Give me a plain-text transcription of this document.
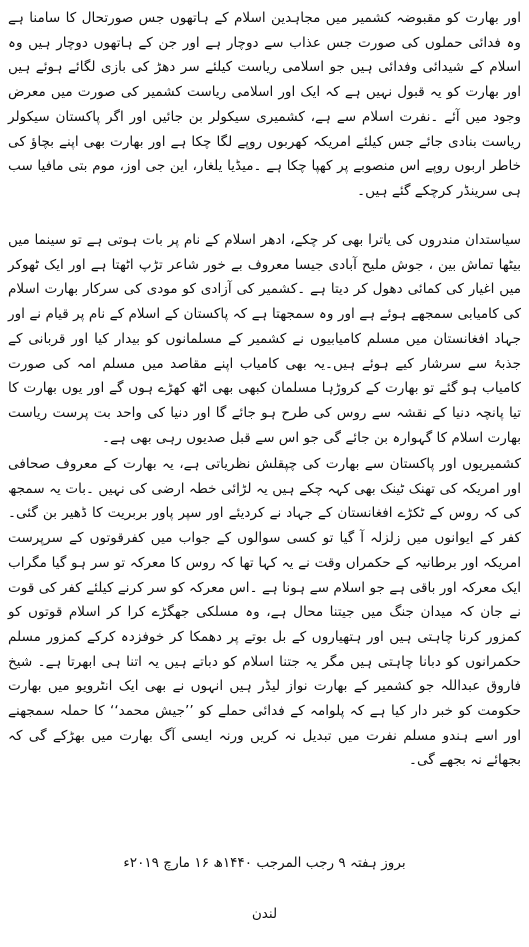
اور بھارت کو مقبوضہ کشمیر میں مجاہدین اسلام کے ہاتھوں جس صورتحال کا سامنا ہے وہ فدائی حملوں کی صورت جس عذاب سے دوچار ہے اور جن کے ہاتھوں دوچار ہیں وہ اسلام کے شیدائی وفدائی ہیں جو اسلامی ریاست کیلئے سر دھڑ کی بازی لگائے ہوئے ہیں اور بھارت کو یہ قبول نہیں ہے کہ ایک اور اسلامی ریاست کشمیر کی صورت میں معرض وجود میں آئے ۔نفرت اسلام سے ہے، کشمیری سیکولر بن جائیں اور اگر پاکستان سیکولر ریاست بنادی جائے جس کیلئے امریکہ کھربوں روپے لگا چکا ہے اور بھارت بھی اپنے بچاؤ کی خاطر اربوں روپے اس منصوبے پر کھپا چکا ہے ۔میڈیا یلغار، این جی اوز، موم بتی مافیا سب ہی سرینڈر کرچکے گئے ہیں۔

سیاستدان مندروں کی یاترا بھی کر چکے، ادھر اسلام کے نام پر بات ہوتی ہے تو سینما میں بیٹھا تماش بین ، جوش ملیح آبادی جیسا معروف بے خور شاعر تڑپ اٹھتا ہے اور ایک ٹھوکر میں اغیار کی کمائی دھول کر دیتا ہے ۔کشمیر کی آزادی کو مودی کی سرکار بھارت اسلام کی کامیابی سمجھے ہوئے ہے اور وہ سمجھتا ہے کہ پاکستان کے اسلام کے نام پر قیام نے اور جہاد افغانستان میں مسلم کامیابیوں نے کشمیر کے مسلمانوں کو بیدار کیا اور قربانی کے جذبۂ سے سرشار کیے ہوئے ہیں۔یہ بھی کامیاب اپنے مقاصد میں مسلم امہ کی صورت کامیاب ہو گئے تو بھارت کے کروڑہا مسلمان کبھی بھی اٹھ کھڑے ہوں گے اور یوں بھارت کا تیا پانچہ دنیا کے نقشہ سے روس کی طرح ہو جائے گا اور دنیا کی واحد بت پرست ریاست بھارت اسلام کا گہوارہ بن جائے گی جو اس سے قبل صدیوں رہی بھی ہے۔

کشمیریوں اور پاکستان سے بھارت کی چپقلش نظریاتی ہے، یہ بھارت کے معروف صحافی اور امریکہ کی تھنک ٹینک بھی کہہ چکے ہیں یہ لڑائی خطہ ارضی کی نہیں ۔بات یہ سمجھ کی کہ روس کے ٹکڑے افغانستان کے جہاد نے کردیئے اور سپر پاور بربریت کا ڈھیر بن گئی۔ کفر کے ایوانوں میں زلزلہ آ گیا تو کسی سوالوں کے جواب میں کفرقوتوں کے سرپرست امریکہ اور برطانیہ کے حکمراں وقت نے یہ کہا تھا کہ روس کا معرکہ تو سر ہو گیا مگراب ایک معرکہ اور باقی ہے جو اسلام سے ہونا ہے ۔اس معرکہ کو سر کرنے کیلئے کفر کی قوت نے جان کہ میدان جنگ میں جیتنا محال ہے، وہ مسلکی جھگڑے کرا کر اسلام قوتوں کو کمزور کرنا چاہتی ہیں اور ہتھیاروں کے بل بوتے پر دھمکا کر خوفزدہ کرکے کمزور مسلم حکمرانوں کو دبانا چاہتی ہیں مگر یہ جتنا اسلام کو دباتے ہیں یہ اتنا ہی ابھرتا ہے۔ شیخ فاروق عبداللہ جو کشمیر کے بھارت نواز لیڈر ہیں انہوں نے بھی ایک انٹرویو میں بھارت حکومت کو خبر دار کیا ہے کہ پلوامہ کے فدائی حملے کو ’’جیش محمد‘‘ کا حملہ سمجھنے اور اسے ہندو مسلم نفرت میں تبدیل نہ کریں ورنہ ایسی آگ بھارت میں بھڑکے گی کہ بجھائے نہ بجھے گی۔

بروز ہفتہ ۹ رجب المرجب ۱۴۴۰ھ ۱۶ مارچ ۲۰۱۹ء
لندن
